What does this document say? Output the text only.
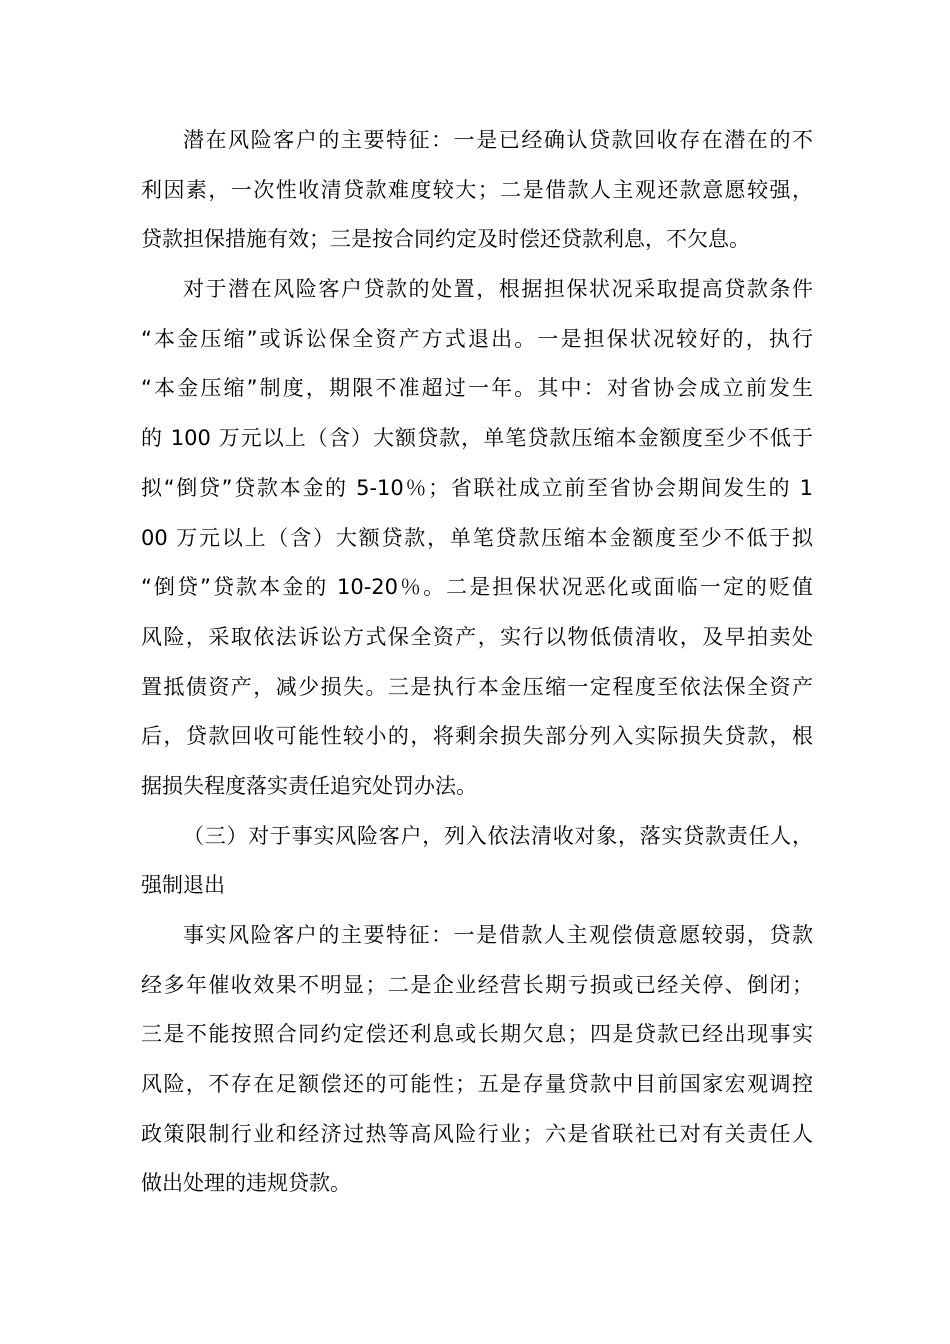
潜在风险客户的主要特征：一是已经确认贷款回收存在潜在的不
利因素，一次性收清贷款难度较大；二是借款人主观还款意愿较强，
贷款担保措施有效；三是按合同约定及时偿还贷款利息，不欠息。
对于潜在风险客户贷款的处置，根据担保状况采取提高贷款条件
“本金压缩”或诉讼保全资产方式退出。一是担保状况较好的，执行
“本金压缩”制度，期限不准超过一年。其中：对省协会成立前发生
的 100 万元以上（含）大额贷款，单笔贷款压缩本金额度至少不低于
拟“倒贷”贷款本金的 5-10％；省联社成立前至省协会期间发生的 1
00 万元以上（含）大额贷款，单笔贷款压缩本金额度至少不低于拟
“倒贷”贷款本金的 10-20％。二是担保状况恶化或面临一定的贬值
风险，采取依法诉讼方式保全资产，实行以物低债清收，及早拍卖处
置抵债资产，减少损失。三是执行本金压缩一定程度至依法保全资产
后，贷款回收可能性较小的，将剩余损失部分列入实际损失贷款，根
据损失程度落实责任追究处罚办法。
（三）对于事实风险客户，列入依法清收对象，落实贷款责任人，
强制退出
事实风险客户的主要特征：一是借款人主观偿债意愿较弱，贷款
经多年催收效果不明显；二是企业经营长期亏损或已经关停、倒闭；
三是不能按照合同约定偿还利息或长期欠息；四是贷款已经出现事实
风险，不存在足额偿还的可能性；五是存量贷款中目前国家宏观调控
政策限制行业和经济过热等高风险行业；六是省联社已对有关责任人
做出处理的违规贷款。
